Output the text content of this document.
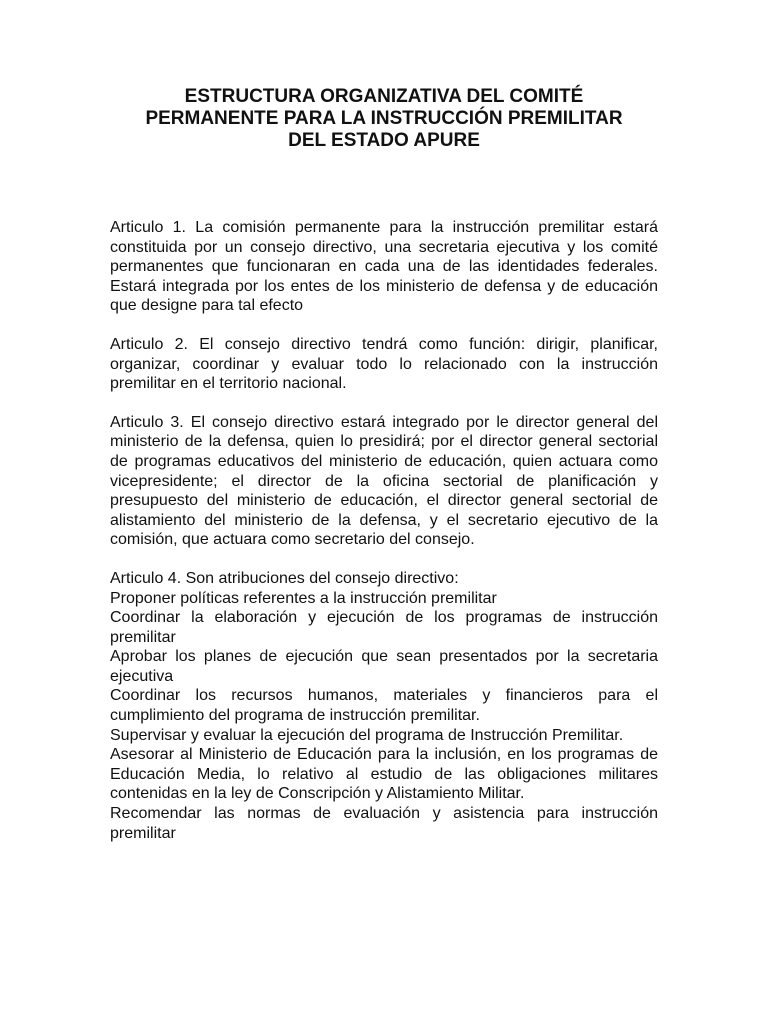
ESTRUCTURA ORGANIZATIVA DEL COMITÉ
PERMANENTE PARA LA INSTRUCCIÓN PREMILITAR
DEL ESTADO APURE

Articulo 1. La comisión permanente para la instrucción premilitar estará constituida por un consejo directivo, una secretaria ejecutiva y los comité permanentes que funcionaran en cada una de las identidades federales. Estará integrada por los entes de los ministerio de defensa y de educación que designe para tal efecto

Articulo 2. El consejo directivo tendrá como función: dirigir, planificar, organizar, coordinar y evaluar todo lo relacionado con la instrucción premilitar en el territorio nacional.

Articulo 3. El consejo directivo estará integrado por le director general del ministerio de la defensa, quien lo presidirá; por el director general sectorial de programas educativos del ministerio de educación, quien actuara como vicepresidente; el director de la oficina sectorial de planificación y presupuesto del ministerio de educación, el director general sectorial de alistamiento del ministerio de la defensa, y el secretario ejecutivo de la comisión, que actuara como secretario del consejo.

Articulo 4. Son atribuciones del consejo directivo:

Proponer políticas referentes a la instrucción premilitar
Coordinar la elaboración y ejecución de los programas de instrucción premilitar
Aprobar los planes de ejecución que sean presentados por la secretaria ejecutiva
Coordinar los recursos humanos, materiales y financieros para el cumplimiento del programa de instrucción premilitar.
Supervisar y evaluar la ejecución del programa de Instrucción Premilitar.
Asesorar al Ministerio de Educación para la inclusión, en los programas de Educación Media, lo relativo al estudio de las obligaciones militares contenidas en la ley de Conscripción y Alistamiento Militar.
Recomendar las normas de evaluación y asistencia para instrucción premilitar
